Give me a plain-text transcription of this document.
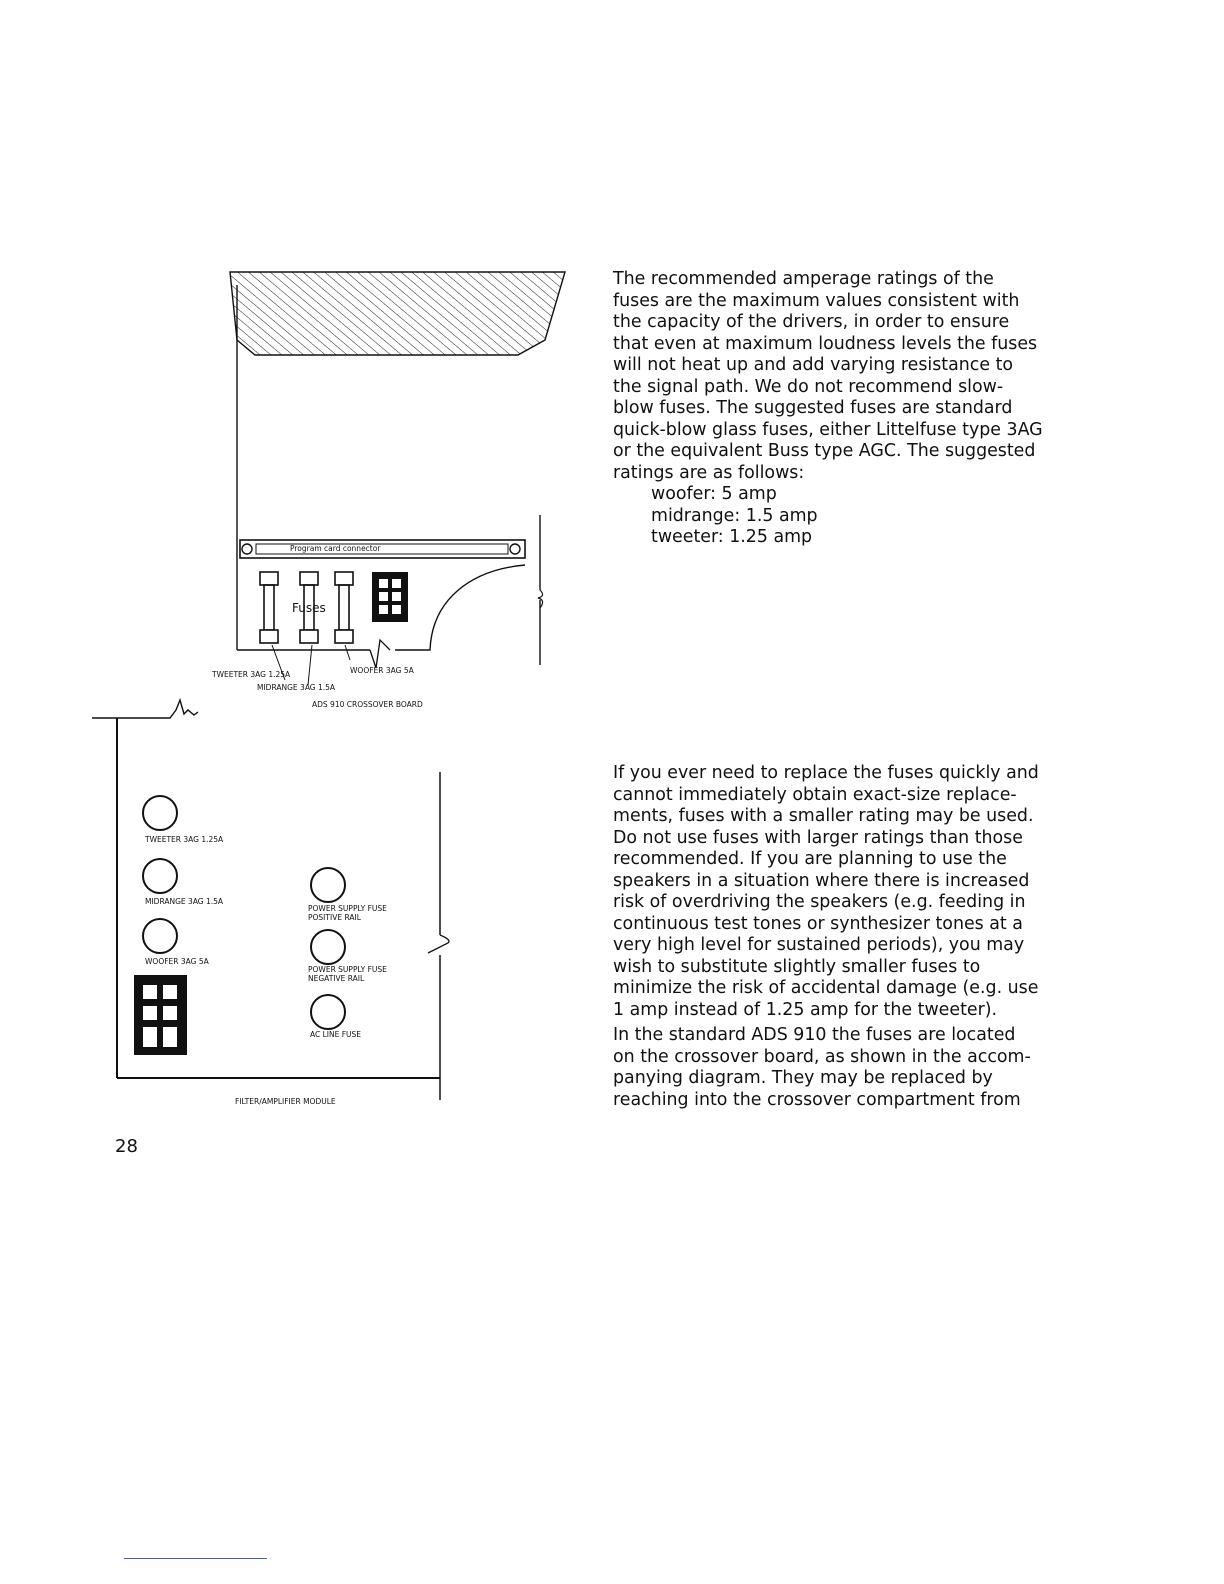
Program card connector
Fuses
TWEETER 3AG 1.25A	WOOFER 3AG 5A
MIDRANGE 3AG 1.5A
ADS 910 CROSSOVER BOARD
TWEETER 3AG 1.25A
MIDRANGE 3AG 1.5A
WOOFER 3AG 5A
POWER SUPPLY FUSE
POSITIVE RAIL
POWER SUPPLY FUSE
NEGATIVE RAIL
AC LINE FUSE
FILTER/AMPLIFIER MODULE
The recommended amperage ratings of the
fuses are the maximum values consistent with
the capacity of the drivers, in order to ensure
that even at maximum loudness levels the fuses
will not heat up and add varying resistance to
the signal path. We do not recommend slow-
blow fuses. The suggested fuses are standard
quick-blow glass fuses, either Littelfuse type 3AG
or the equivalent Buss type AGC. The suggested
ratings are as follows:
woofer: 5 amp
midrange: 1.5 amp
tweeter: 1.25 amp
If you ever need to replace the fuses quickly and
cannot immediately obtain exact-size replace-
ments, fuses with a smaller rating may be used.
Do not use fuses with larger ratings than those
recommended. If you are planning to use the
speakers in a situation where there is increased
risk of overdriving the speakers (e.g. feeding in
continuous test tones or synthesizer tones at a
very high level for sustained periods), you may
wish to substitute slightly smaller fuses to
minimize the risk of accidental damage (e.g. use
1 amp instead of 1.25 amp for the tweeter).
In the standard ADS 910 the fuses are located
on the crossover board, as shown in the accom-
panying diagram. They may be replaced by
reaching into the crossover compartment from
28
